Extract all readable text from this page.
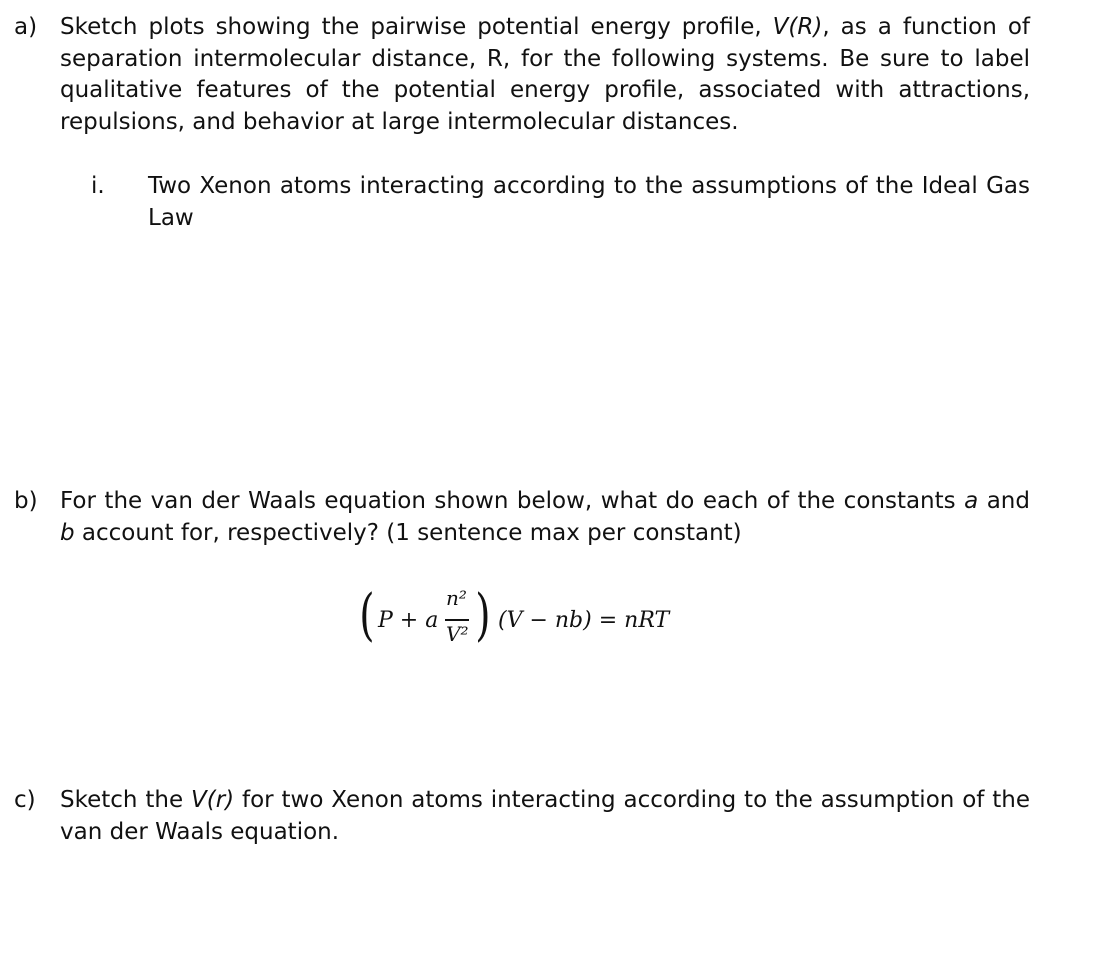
a) Sketch plots showing the pairwise potential energy profile, V(R), as a function of separation intermolecular distance, R, for the following systems. Be sure to label qualitative features of the potential energy profile, associated with attractions, repulsions, and behavior at large intermolecular distances.
i. Two Xenon atoms interacting according to the assumptions of the Ideal Gas Law
b) For the van der Waals equation shown below, what do each of the constants a and b account for, respectively? (1 sentence max per constant)
( P + a
n²
V² ) (V − nb) = nRT
c) Sketch the V(r) for two Xenon atoms interacting according to the assumption of the van der Waals equation.
